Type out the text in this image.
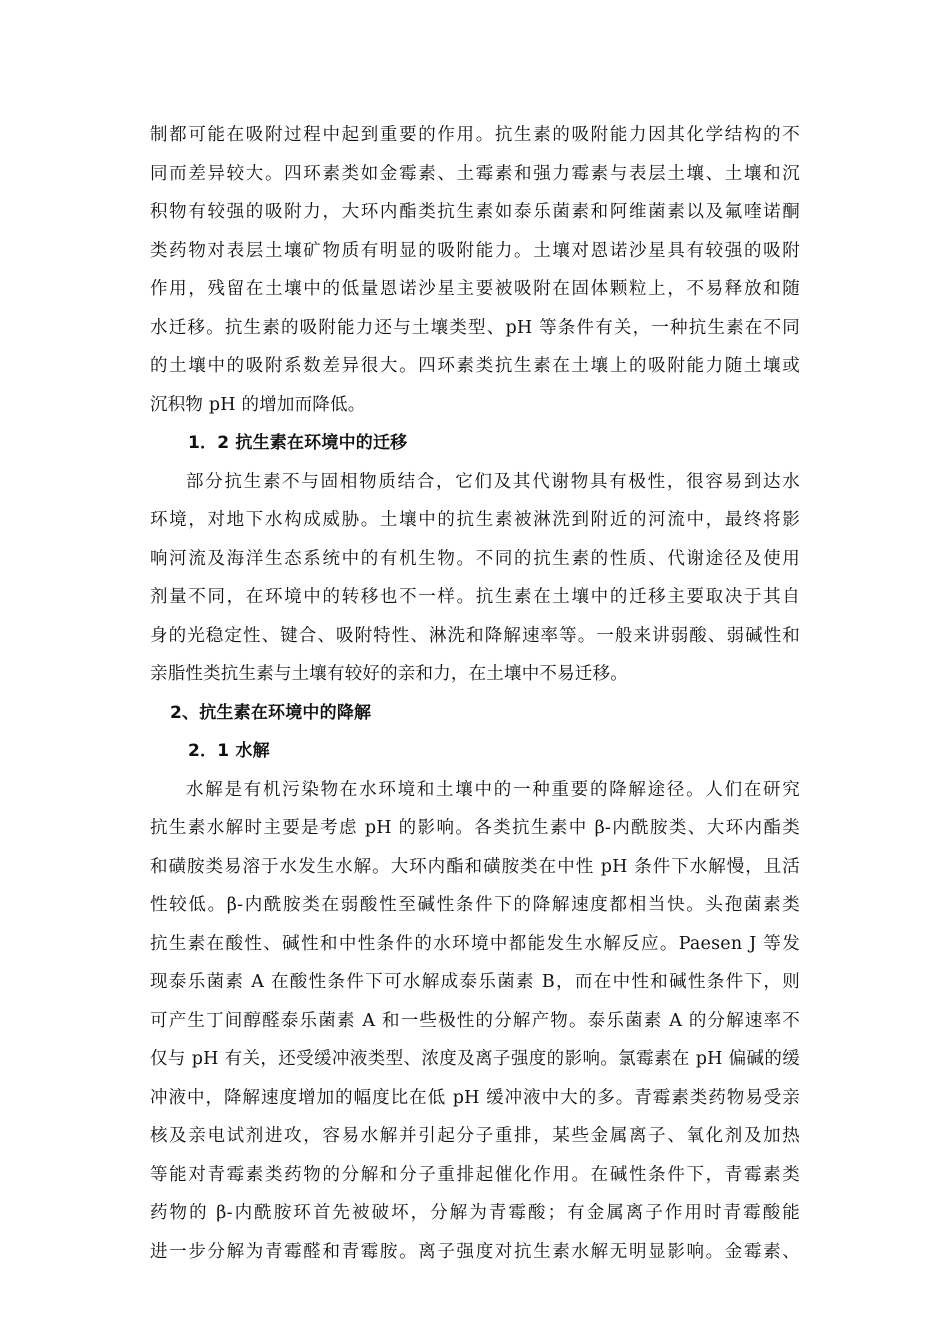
制都可能在吸附过程中起到重要的作用。抗生素的吸附能力因其化学结构的不
同而差异较大。四环素类如金霉素、土霉素和强力霉素与表层土壤、土壤和沉
积物有较强的吸附力，大环内酯类抗生素如泰乐菌素和阿维菌素以及氟喹诺酮
类药物对表层土壤矿物质有明显的吸附能力。土壤对恩诺沙星具有较强的吸附
作用，残留在土壤中的低量恩诺沙星主要被吸附在固体颗粒上，不易释放和随
水迁移。抗生素的吸附能力还与土壤类型、pH 等条件有关，一种抗生素在不同
的土壤中的吸附系数差异很大。四环素类抗生素在土壤上的吸附能力随土壤或
沉积物 pH 的增加而降低。
1．2 抗生素在环境中的迁移
部分抗生素不与固相物质结合，它们及其代谢物具有极性，很容易到达水
环境，对地下水构成威胁。土壤中的抗生素被淋洗到附近的河流中，最终将影
响河流及海洋生态系统中的有机生物。不同的抗生素的性质、代谢途径及使用
剂量不同，在环境中的转移也不一样。抗生素在土壤中的迁移主要取决于其自
身的光稳定性、键合、吸附特性、淋洗和降解速率等。一般来讲弱酸、弱碱性和
亲脂性类抗生素与土壤有较好的亲和力，在土壤中不易迁移。
2、抗生素在环境中的降解
2．1 水解
水解是有机污染物在水环境和土壤中的一种重要的降解途径。人们在研究
抗生素水解时主要是考虑 pH 的影响。各类抗生素中 β-内酰胺类、大环内酯类
和磺胺类易溶于水发生水解。大环内酯和磺胺类在中性 pH 条件下水解慢，且活
性较低。β-内酰胺类在弱酸性至碱性条件下的降解速度都相当快。头孢菌素类
抗生素在酸性、碱性和中性条件的水环境中都能发生水解反应。Paesen J 等发
现泰乐菌素 A 在酸性条件下可水解成泰乐菌素 B，而在中性和碱性条件下，则
可产生丁间醇醛泰乐菌素 A 和一些极性的分解产物。泰乐菌素 A 的分解速率不
仅与 pH 有关，还受缓冲液类型、浓度及离子强度的影响。氯霉素在 pH 偏碱的缓
冲液中，降解速度增加的幅度比在低 pH 缓冲液中大的多。青霉素类药物易受亲
核及亲电试剂进攻，容易水解并引起分子重排，某些金属离子、氧化剂及加热
等能对青霉素类药物的分解和分子重排起催化作用。在碱性条件下，青霉素类
药物的 β-内酰胺环首先被破坏，分解为青霉酸；有金属离子作用时青霉酸能
进一步分解为青霉醛和青霉胺。离子强度对抗生素水解无明显影响。金霉素、
